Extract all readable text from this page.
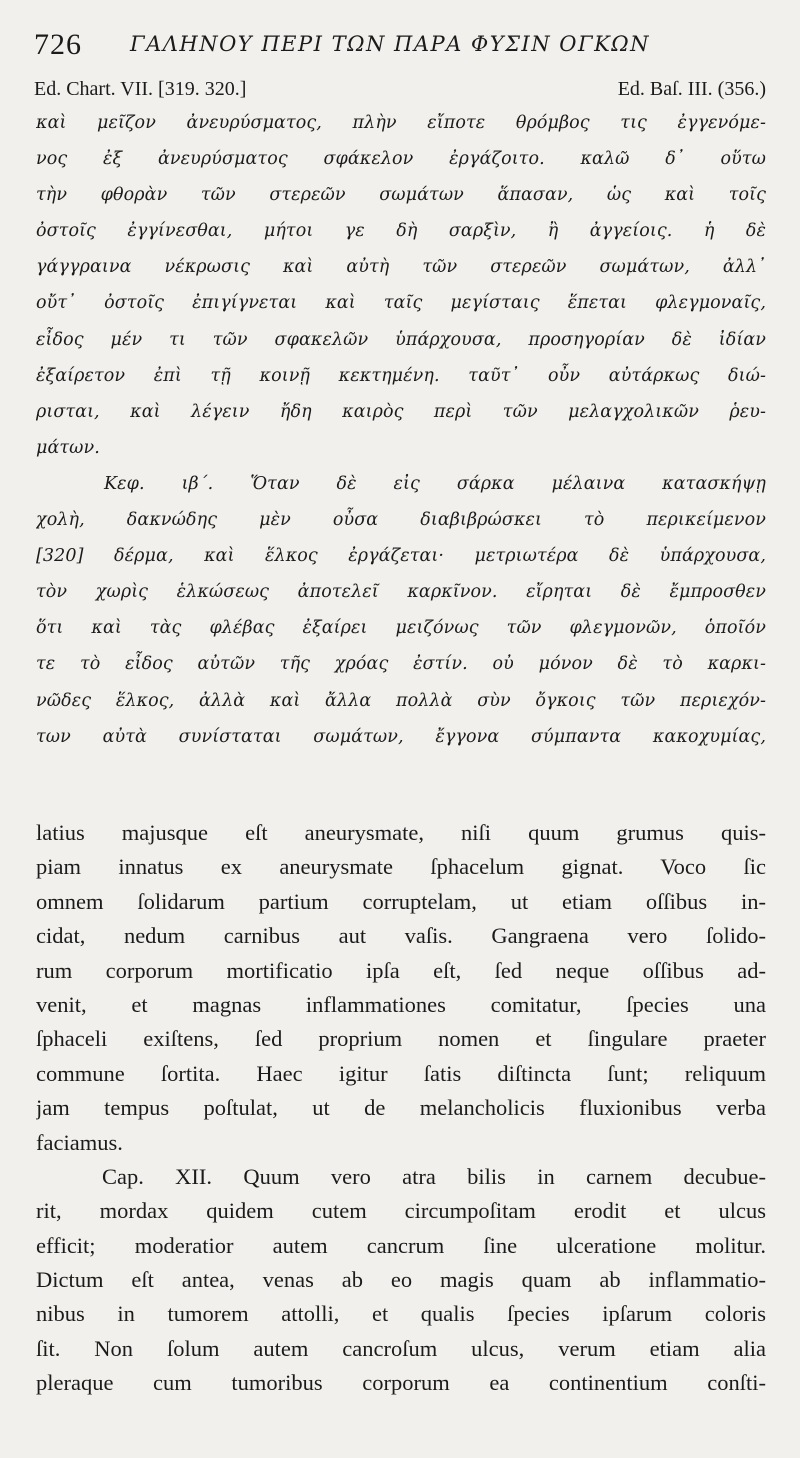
726 ΓΑΛΗΝΟΥ ΠΕΡΙ ΤΩΝ ΠΑΡΑ ΦΥΣΙΝ ΟΓΚΩΝ
Ed. Chart. VII. [319. 320.]	Ed. Baſ. III. (356.)
καὶ μεῖζον ἀνευρύσματος, πλὴν εἴποτε θρόμβος τις ἐγγενόμε-
νος ἐξ ἀνευρύσματος σφάκελον ἐργάζοιτο. καλῶ δ᾽ οὕτω
τὴν φθορὰν τῶν στερεῶν σωμάτων ἅπασαν, ὡς καὶ τοῖς
ὀστοῖς ἐγγίνεσθαι, μήτοι γε δὴ σαρξὶν, ἢ ἀγγείοις. ἡ δὲ
γάγγραινα νέκρωσις καὶ αὐτὴ τῶν στερεῶν σωμάτων, ἀλλ᾽
οὔτ᾽ ὀστοῖς ἐπιγίγνεται καὶ ταῖς μεγίσταις ἕπεται φλεγμοναῖς,
εἶδος μέν τι τῶν σφακελῶν ὑπάρχουσα, προσηγορίαν δὲ ἰδίαν
ἐξαίρετον ἐπὶ τῇ κοινῇ κεκτημένη. ταῦτ᾽ οὖν αὐτάρκως διώ-
ρισται, καὶ λέγειν ἤδη καιρὸς περὶ τῶν μελαγχολικῶν ῥευ-
μάτων.
Κεφ. ιβ΄. Ὅταν δὲ εἰς σάρκα μέλαινα κατασκήψῃ
χολὴ, δακνώδης μὲν οὖσα διαβιβρώσκει τὸ περικείμενον
[320] δέρμα, καὶ ἕλκος ἐργάζεται· μετριωτέρα δὲ ὑπάρχουσα,
τὸν χωρὶς ἑλκώσεως ἀποτελεῖ καρκῖνον. εἴρηται δὲ ἔμπροσθεν
ὅτι καὶ τὰς φλέβας ἐξαίρει μειζόνως τῶν φλεγμονῶν, ὁποῖόν
τε τὸ εἶδος αὐτῶν τῆς χρόας ἐστίν. οὐ μόνον δὲ τὸ καρκι-
νῶδες ἕλκος, ἀλλὰ καὶ ἄλλα πολλὰ σὺν ὄγκοις τῶν περιεχόν-
των αὐτὰ συνίσταται σωμάτων, ἔγγονα σύμπαντα κακοχυμίας,
latius majusque eſt aneurysmate, niſi quum grumus quis-
piam innatus ex aneurysmate ſphacelum gignat. Voco ſic
omnem ſolidarum partium corruptelam, ut etiam oſſibus in-
cidat, nedum carnibus aut vaſis. Gangraena vero ſolido-
rum corporum mortificatio ipſa eſt, ſed neque oſſibus ad-
venit, et magnas inflammationes comitatur, ſpecies una
ſphaceli exiſtens, ſed proprium nomen et ſingulare praeter
commune ſortita. Haec igitur ſatis diſtincta ſunt; reliquum
jam tempus poſtulat, ut de melancholicis fluxionibus verba
faciamus.
Cap. XII. Quum vero atra bilis in carnem decubue-
rit, mordax quidem cutem circumpoſitam erodit et ulcus
efficit; moderatior autem cancrum ſine ulceratione molitur.
Dictum eſt antea, venas ab eo magis quam ab inflammatio-
nibus in tumorem attolli, et qualis ſpecies ipſarum coloris
ſit. Non ſolum autem cancroſum ulcus, verum etiam alia
pleraque cum tumoribus corporum ea continentium conſti-
